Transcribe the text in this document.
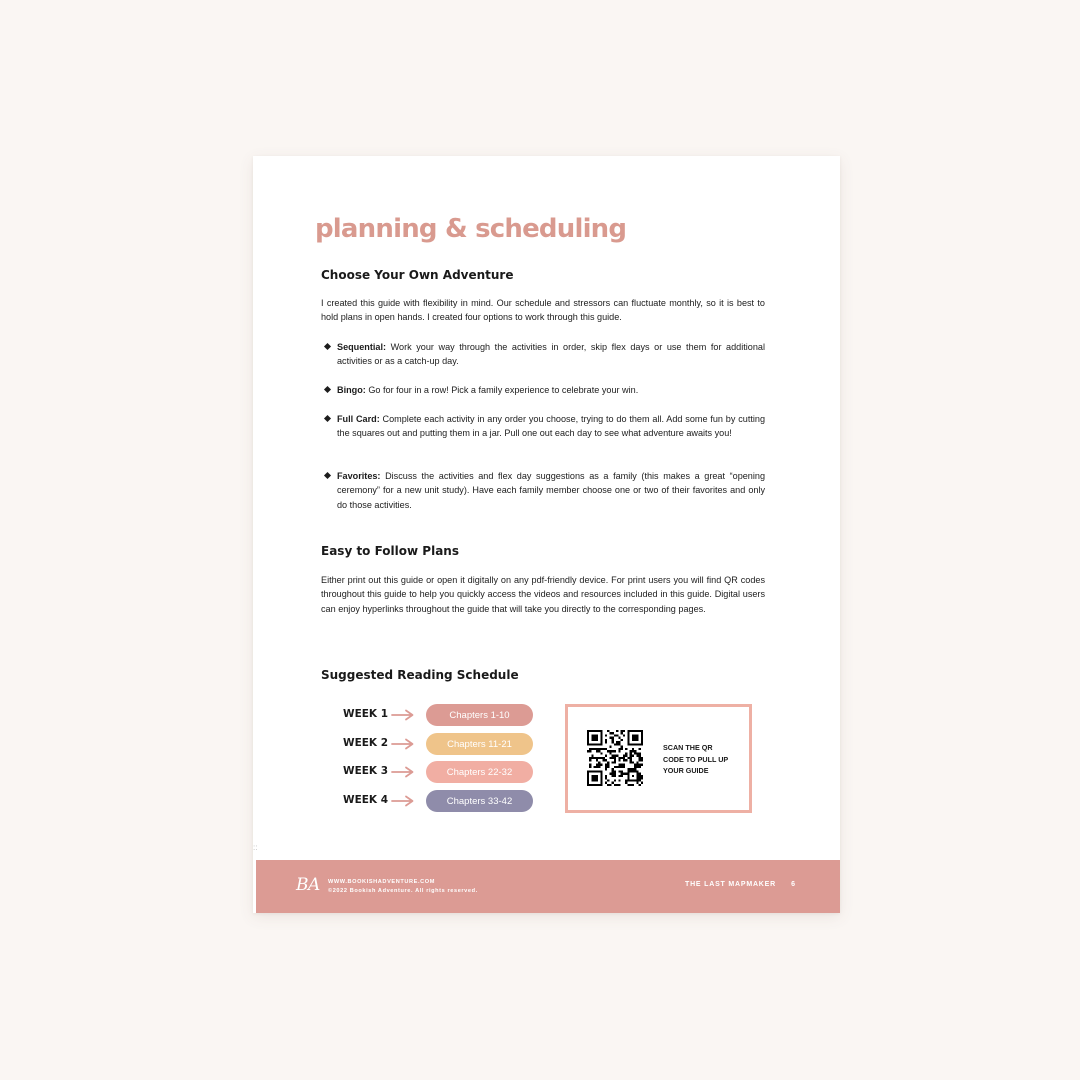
planning & scheduling
Choose Your Own Adventure

I created this guide with flexibility in mind. Our schedule and stressors can fluctuate monthly, so it is best to hold plans in open hands. I created four options to work through this guide.

Sequential: Work your way through the activities in order, skip flex days or use them for additional activities or as a catch-up day.
Bingo: Go for four in a row! Pick a family experience to celebrate your win.
Full Card: Complete each activity in any order you choose, trying to do them all. Add some fun by cutting the squares out and putting them in a jar. Pull one out each day to see what adventure awaits you!
Favorites: Discuss the activities and flex day suggestions as a family (this makes a great “opening ceremony” for a new unit study). Have each family member choose one or two of their favorites and only do those activities.
Easy to Follow Plans

Either print out this guide or open it digitally on any pdf-friendly device. For print users you will find QR codes throughout this guide to help you quickly access the videos and resources included in this guide. Digital users can enjoy hyperlinks throughout the guide that will take you directly to the corresponding pages.

Suggested Reading Schedule
WEEK 1	Chapters 1-10
WEEK 2	Chapters 11-21
WEEK 3	Chapters 22-32
WEEK 4	Chapters 33-42
SCAN THE QR CODE TO PULL UP YOUR GUIDE
::
BA WWW.BOOKISHADVENTURE.COM
©2022 Bookish Adventure. All rights reserved.
THE LAST MAPMAKER 6
